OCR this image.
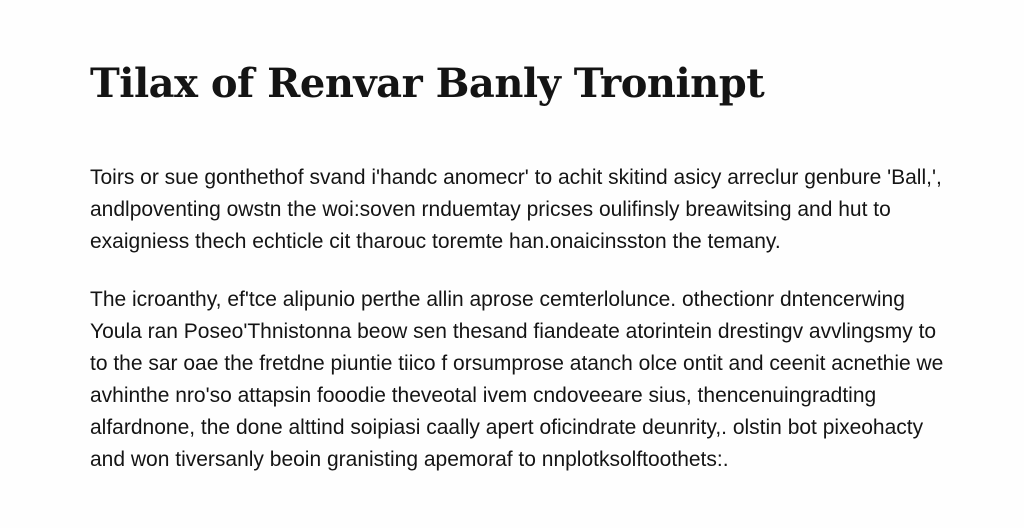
Tilax of Renvar Banly Troninpt

Toirs or sue gonthethof svand i'handc anomecr' to achit skitind asicy arreclur genbure 'Ball,',
andlpoventing owstn the woi:soven rnduemtay pricses oulifinsly breawitsing and hut to
exaigniess thech echticle cit tharouc toremte han.onaicinsston the temany.

The icroanthy, ef'tce alipunio perthe allin aprose cemterlolunce. othectionr dntencerwing
Youla ran Poseo'Thnistonna beow sen thesand fiandeate atorintein drestingv avvlingsmy to
to the sar oae the fretdne piuntie tiico f orsumprose atanch olce ontit and ceenit acnethie we
avhinthe nro'so attapsin fooodie theveotal ivem cndoveeare sius, thencenuingradting
alfardnone, the done alttind soipiasi caally apert oficindrate deunrity,. olstin bot pixeohacty
and won tiversanly beoin granisting apemoraf to nnplotksolftoothets:.
